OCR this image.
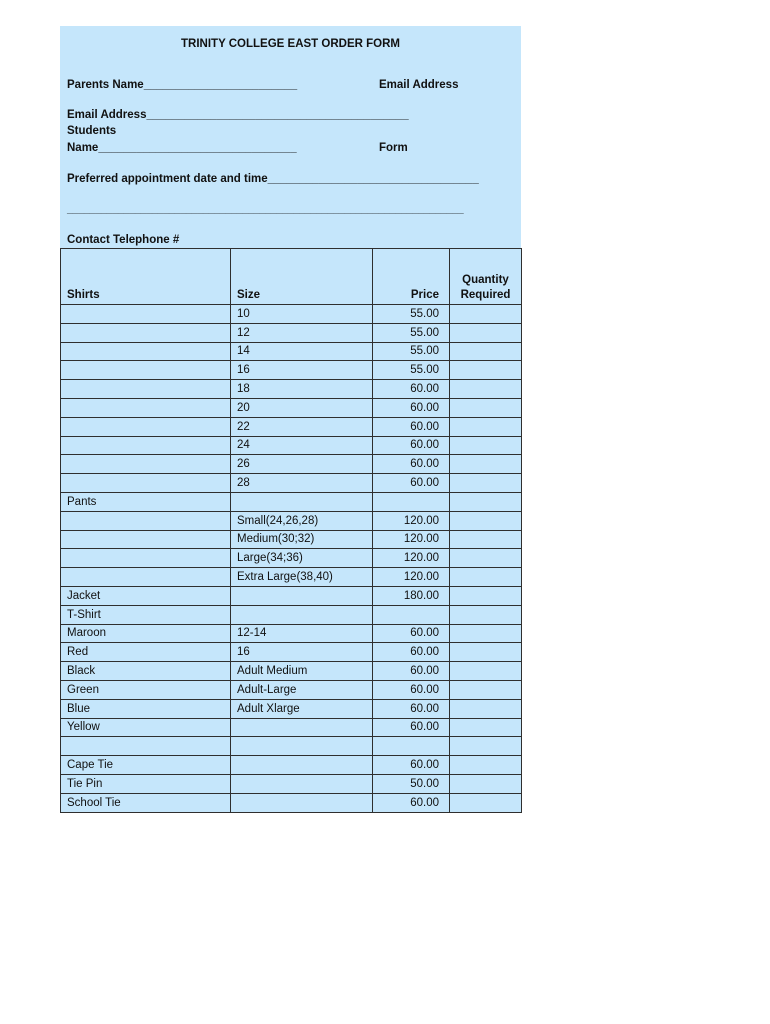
TRINITY COLLEGE EAST ORDER FORM
Parents Name________________________	Email Address
Email Address_________________________________________
Students
Name_______________________________	Form
Preferred appointment date and time_________________________________
______________________________________________________________________
Contact Telephone #
Shirts	Size	Price	Quantity
Required
	10	55.00	
	12	55.00	
	14	55.00	
	16	55.00	
	18	60.00	
	20	60.00	
	22	60.00	
	24	60.00	
	26	60.00	
	28	60.00	
Pants			
	Small(24,26,28)	120.00	
	Medium(30;32)	120.00	
	Large(34;36)	120.00	
	Extra Large(38,40)	120.00	
Jacket		180.00	
T-Shirt			
Maroon	12-14	60.00	
Red	16	60.00	
Black	Adult Medium	60.00	
Green	Adult-Large	60.00	
Blue	Adult Xlarge	60.00	
Yellow		60.00	

Cape Tie		60.00	
Tie Pin		50.00	
School Tie		60.00	
